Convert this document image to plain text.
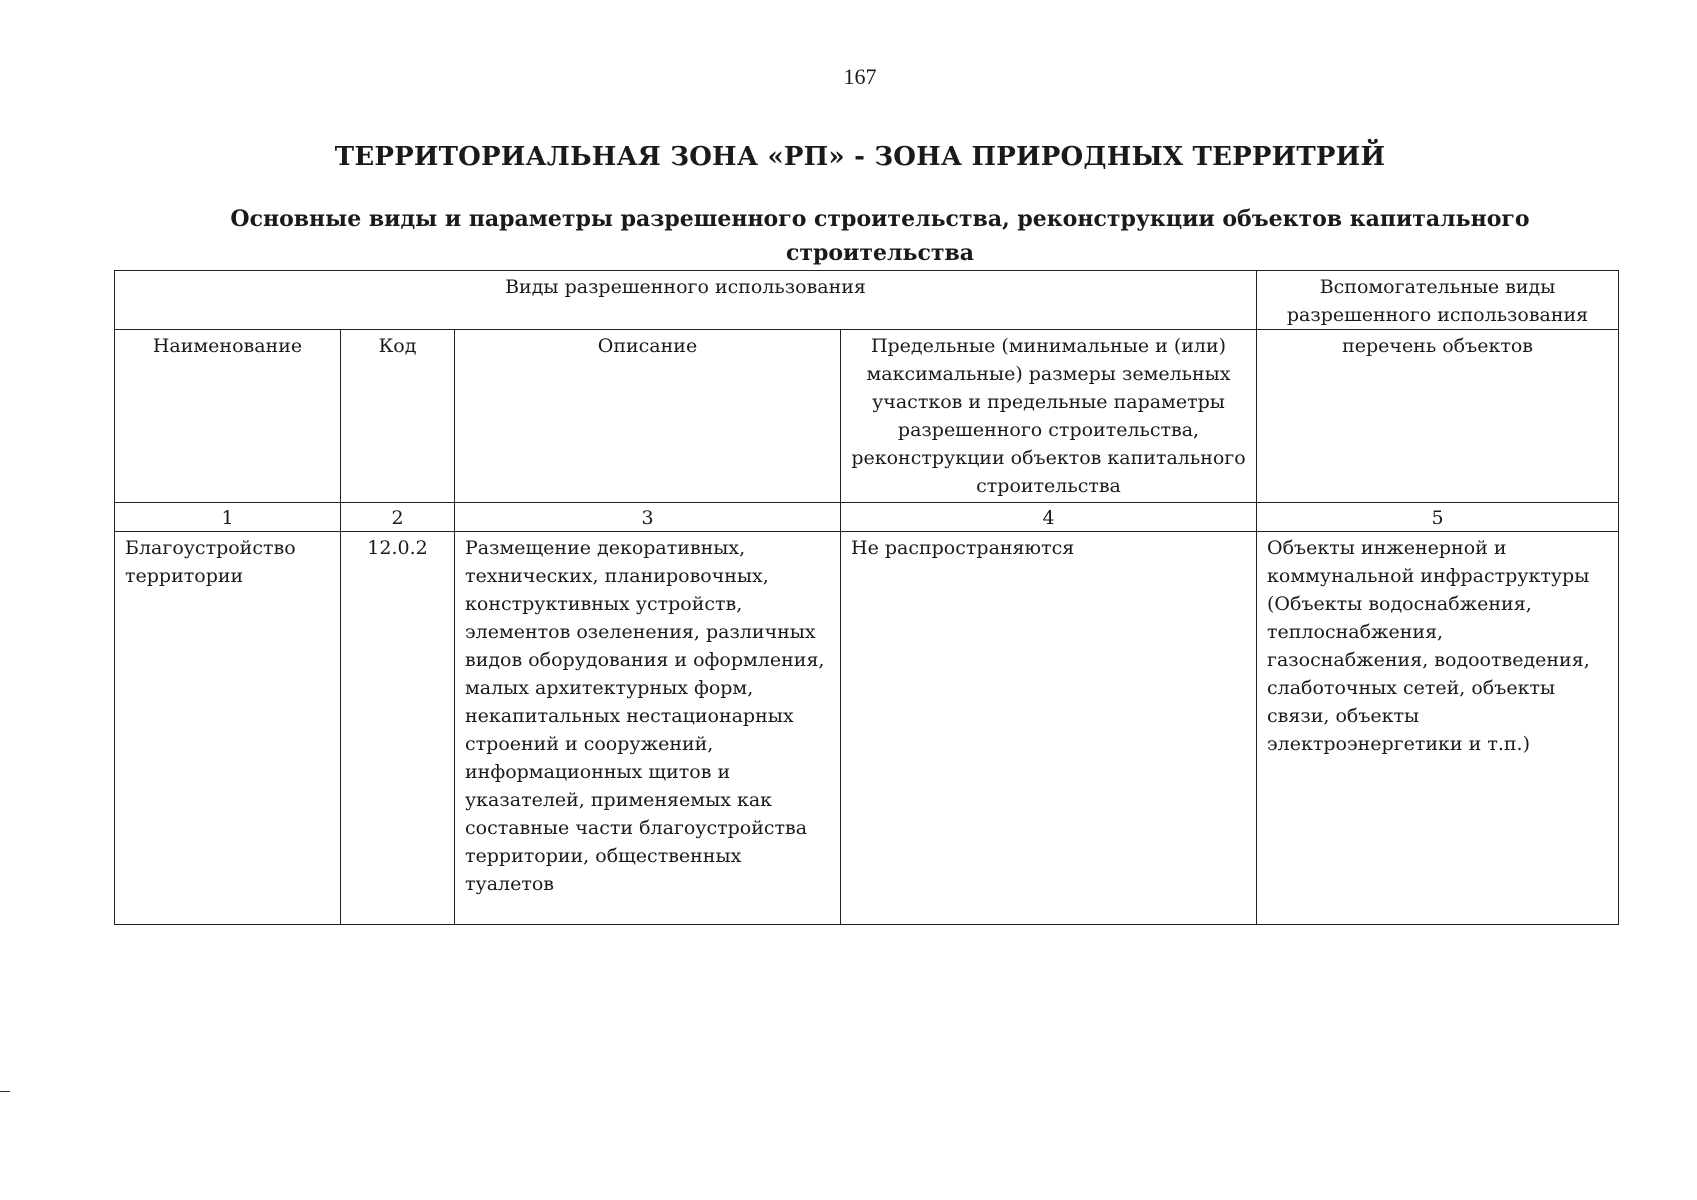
167
ТЕРРИТОРИАЛЬНАЯ ЗОНА «РП» - ЗОНА ПРИРОДНЫХ ТЕРРИТРИЙ
Основные виды и параметры разрешенного строительства, реконструкции объектов капитального строительства
Виды разрешенного использования				Вспомогательные виды разрешенного использования
Наименование	Код	Описание	Предельные (минимальные и (или) максимальные) размеры земельных участков и предельные параметры разрешенного строительства, реконструкции объектов капитального строительства	перечень объектов
1	2	3	4	5
Благоустройство территории	12.0.2	Размещение декоративных, технических, планировочных, конструктивных устройств, элементов озеленения, различных видов оборудования и оформления, малых архитектурных форм, некапитальных нестационарных строений и сооружений, информационных щитов и указателей, применяемых как составные части благоустройства территории, общественных туалетов	Не распространяются	Объекты инженерной и коммунальной инфраструктуры (Объекты водоснабжения, теплоснабжения, газоснабжения, водоотведения, слаботочных сетей, объекты связи, объекты электроэнергетики и т.п.)
